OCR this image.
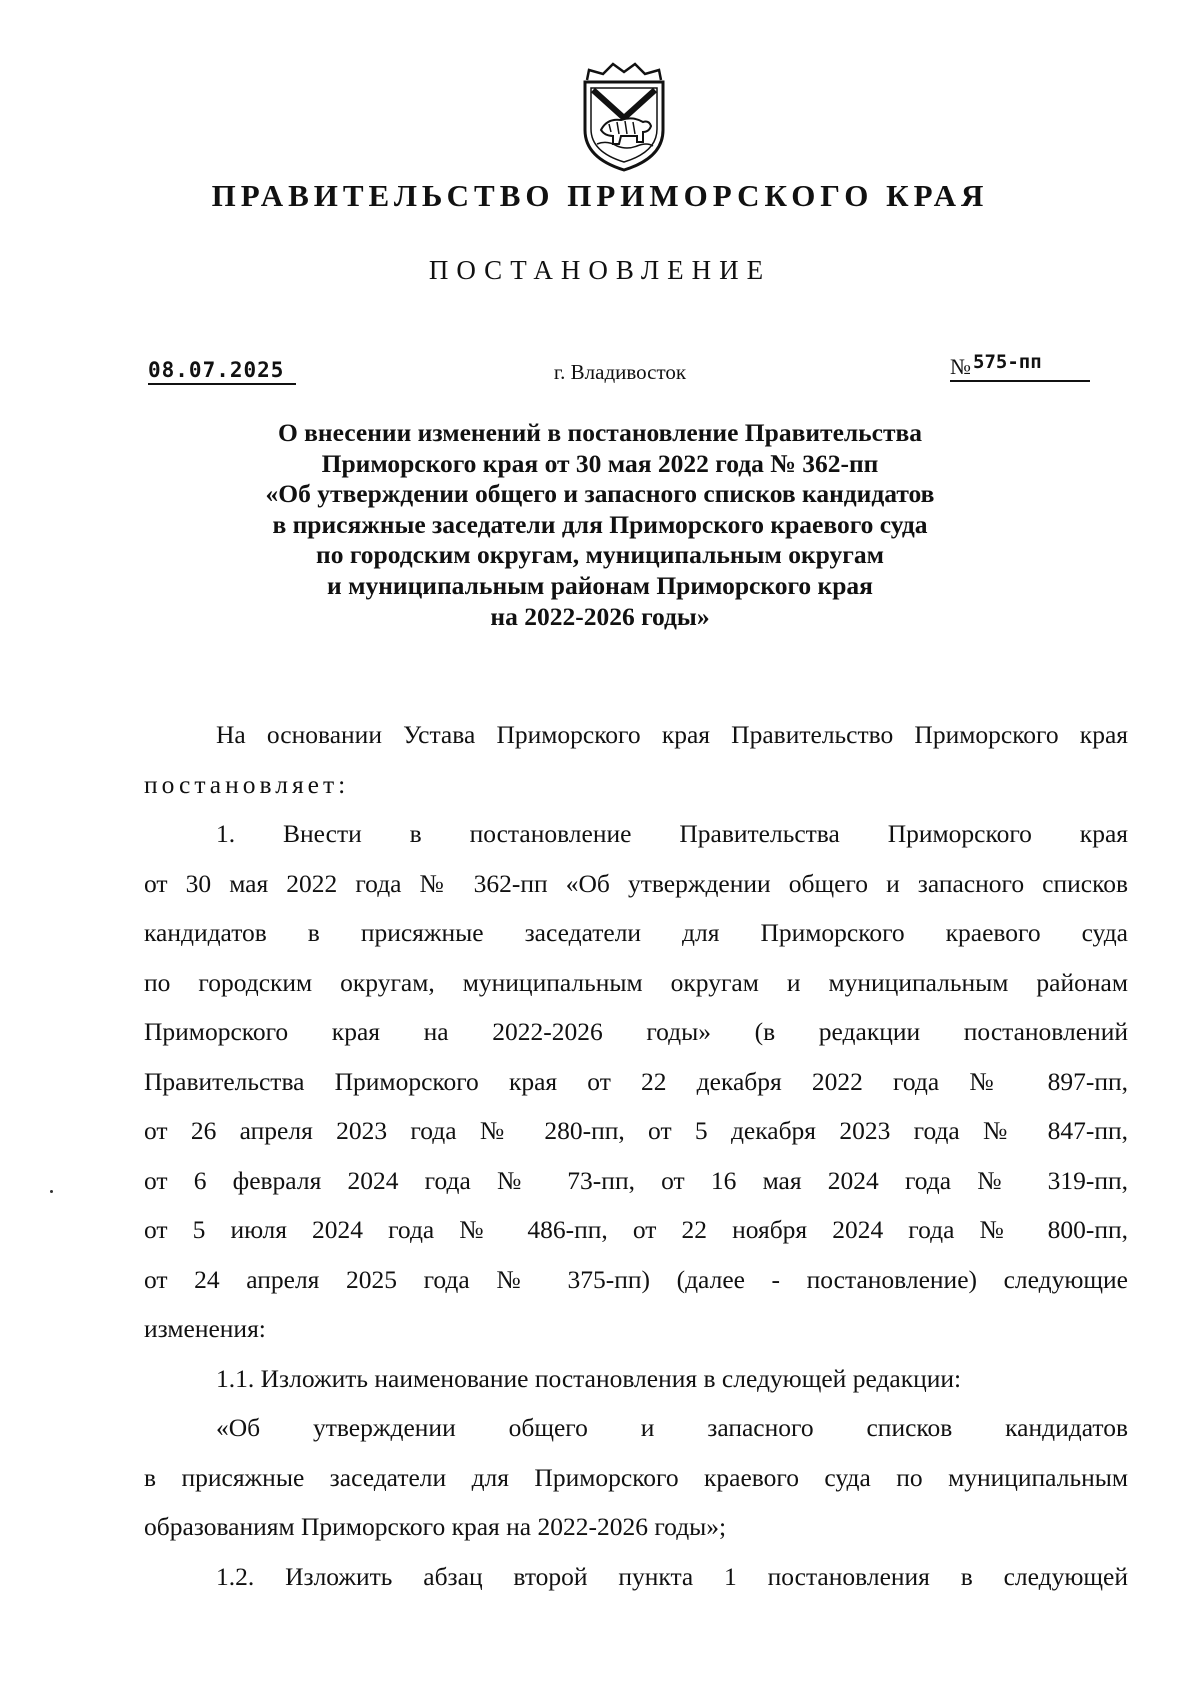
ПРАВИТЕЛЬСТВО ПРИМОРСКОГО КРАЯ
ПОСТАНОВЛЕНИЕ
08.07.2025	г. Владивосток	№ 575-пп
О внесении изменений в постановление Правительства
Приморского края от 30 мая 2022 года № 362-пп
«Об утверждении общего и запасного списков кандидатов
в присяжные заседатели для Приморского краевого суда
по городским округам, муниципальным округам
и муниципальным районам Приморского края
на 2022-2026 годы»
На основании Устава Приморского края Правительство Приморского края
постановляет:
1. Внести в постановление Правительства Приморского края
от 30 мая 2022 года № 362-пп «Об утверждении общего и запасного списков
кандидатов в присяжные заседатели для Приморского краевого суда
по городским округам, муниципальным округам и муниципальным районам
Приморского края на 2022-2026 годы» (в редакции постановлений
Правительства Приморского края от 22 декабря 2022 года № 897-пп,
от 26 апреля 2023 года № 280-пп, от 5 декабря 2023 года № 847-пп,
от 6 февраля 2024 года № 73-пп, от 16 мая 2024 года № 319-пп,
от 5 июля 2024 года № 486-пп, от 22 ноября 2024 года № 800-пп,
от 24 апреля 2025 года № 375-пп) (далее - постановление) следующие
изменения:
1.1. Изложить наименование постановления в следующей редакции:
«Об утверждении общего и запасного списков кандидатов
в присяжные заседатели для Приморского краевого суда по муниципальным
образованиям Приморского края на 2022-2026 годы»;
1.2. Изложить абзац второй пункта 1 постановления в следующей
